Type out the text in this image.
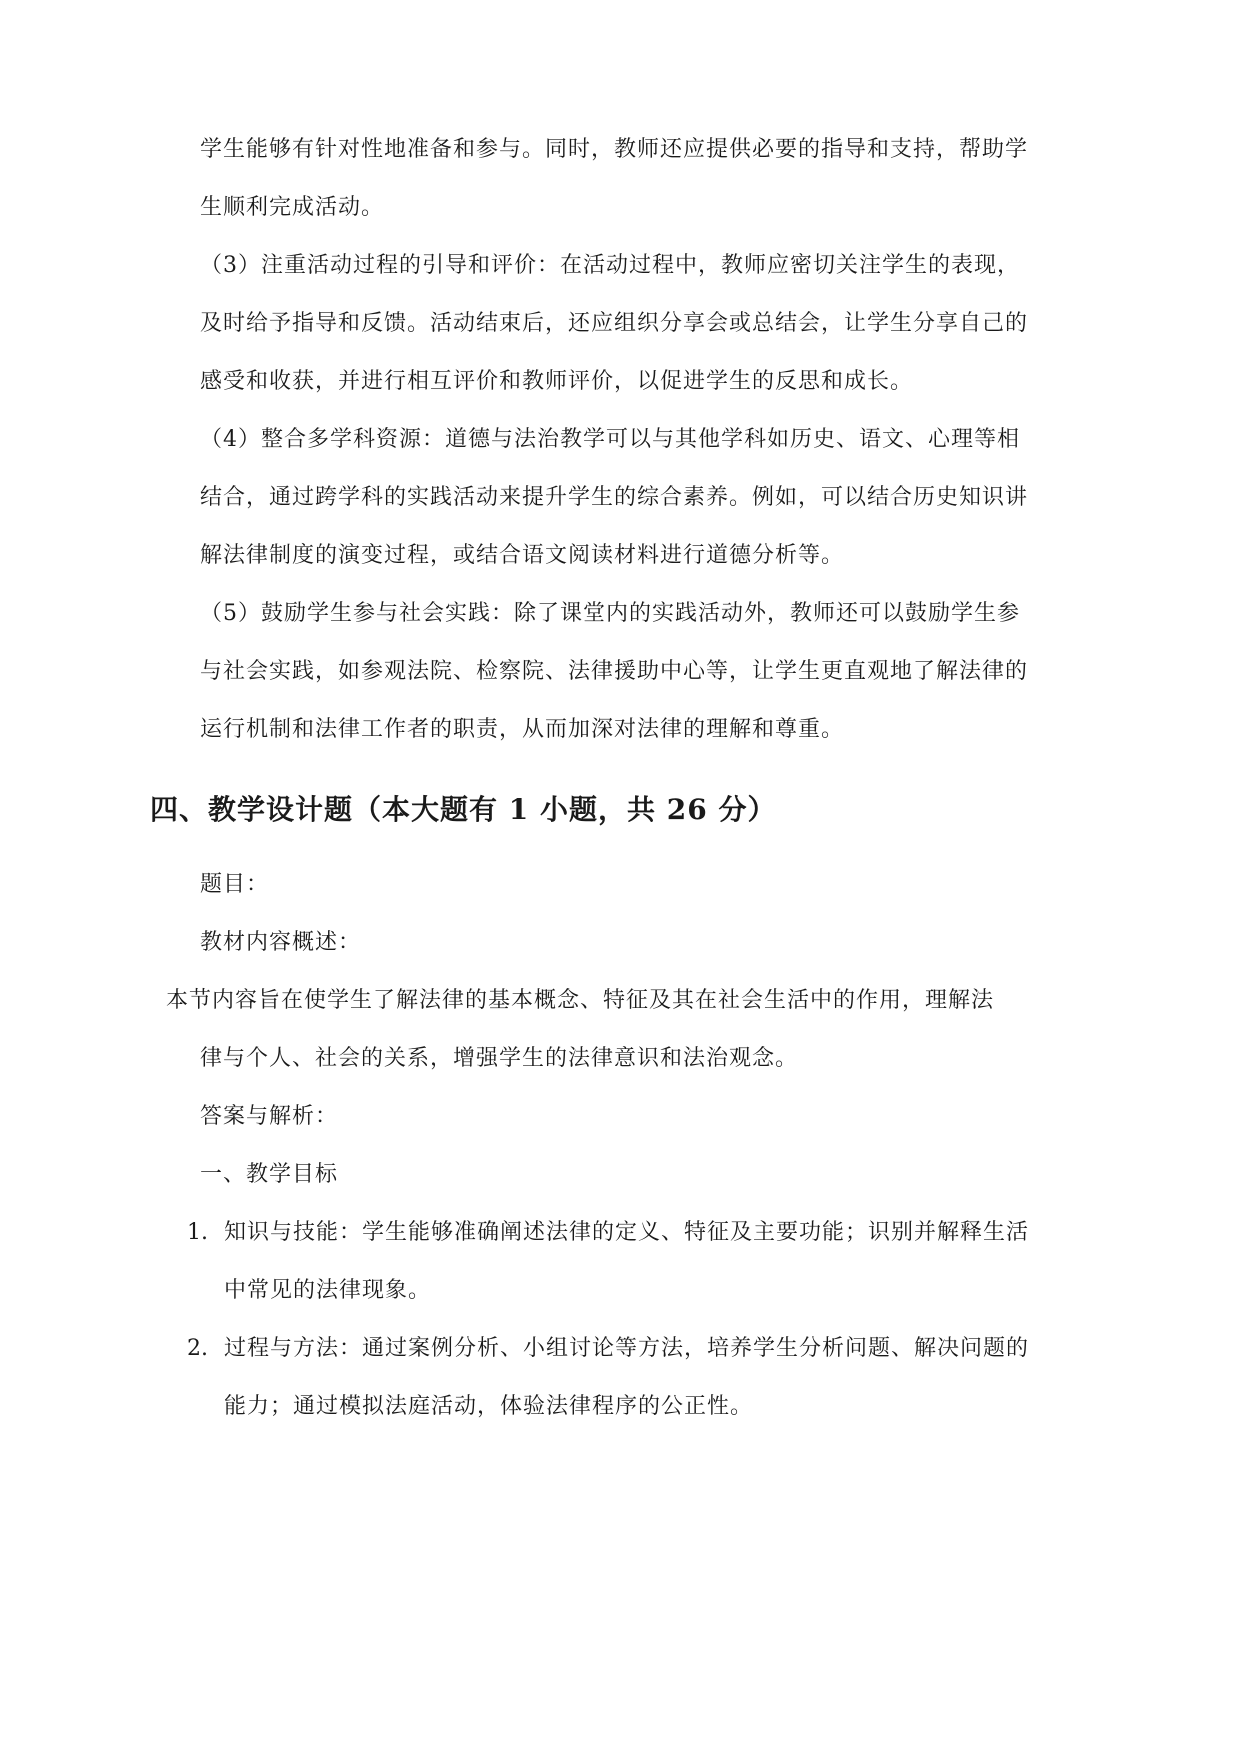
学生能够有针对性地准备和参与。同时，教师还应提供必要的指导和支持，帮助学
生顺利完成活动。
（3）注重活动过程的引导和评价：在活动过程中，教师应密切关注学生的表现，
及时给予指导和反馈。活动结束后，还应组织分享会或总结会，让学生分享自己的
感受和收获，并进行相互评价和教师评价，以促进学生的反思和成长。
（4）整合多学科资源：道德与法治教学可以与其他学科如历史、语文、心理等相
结合，通过跨学科的实践活动来提升学生的综合素养。例如，可以结合历史知识讲
解法律制度的演变过程，或结合语文阅读材料进行道德分析等。
（5）鼓励学生参与社会实践：除了课堂内的实践活动外，教师还可以鼓励学生参
与社会实践，如参观法院、检察院、法律援助中心等，让学生更直观地了解法律的
运行机制和法律工作者的职责，从而加深对法律的理解和尊重。
四、教学设计题（本大题有 1 小题，共 26 分）
题目：
教材内容概述：
本节内容旨在使学生了解法律的基本概念、特征及其在社会生活中的作用，理解法
律与个人、社会的关系，增强学生的法律意识和法治观念。
答案与解析：
一、教学目标
1. 知识与技能：学生能够准确阐述法律的定义、特征及主要功能；识别并解释生活
中常见的法律现象。
2. 过程与方法：通过案例分析、小组讨论等方法，培养学生分析问题、解决问题的
能力；通过模拟法庭活动，体验法律程序的公正性。
